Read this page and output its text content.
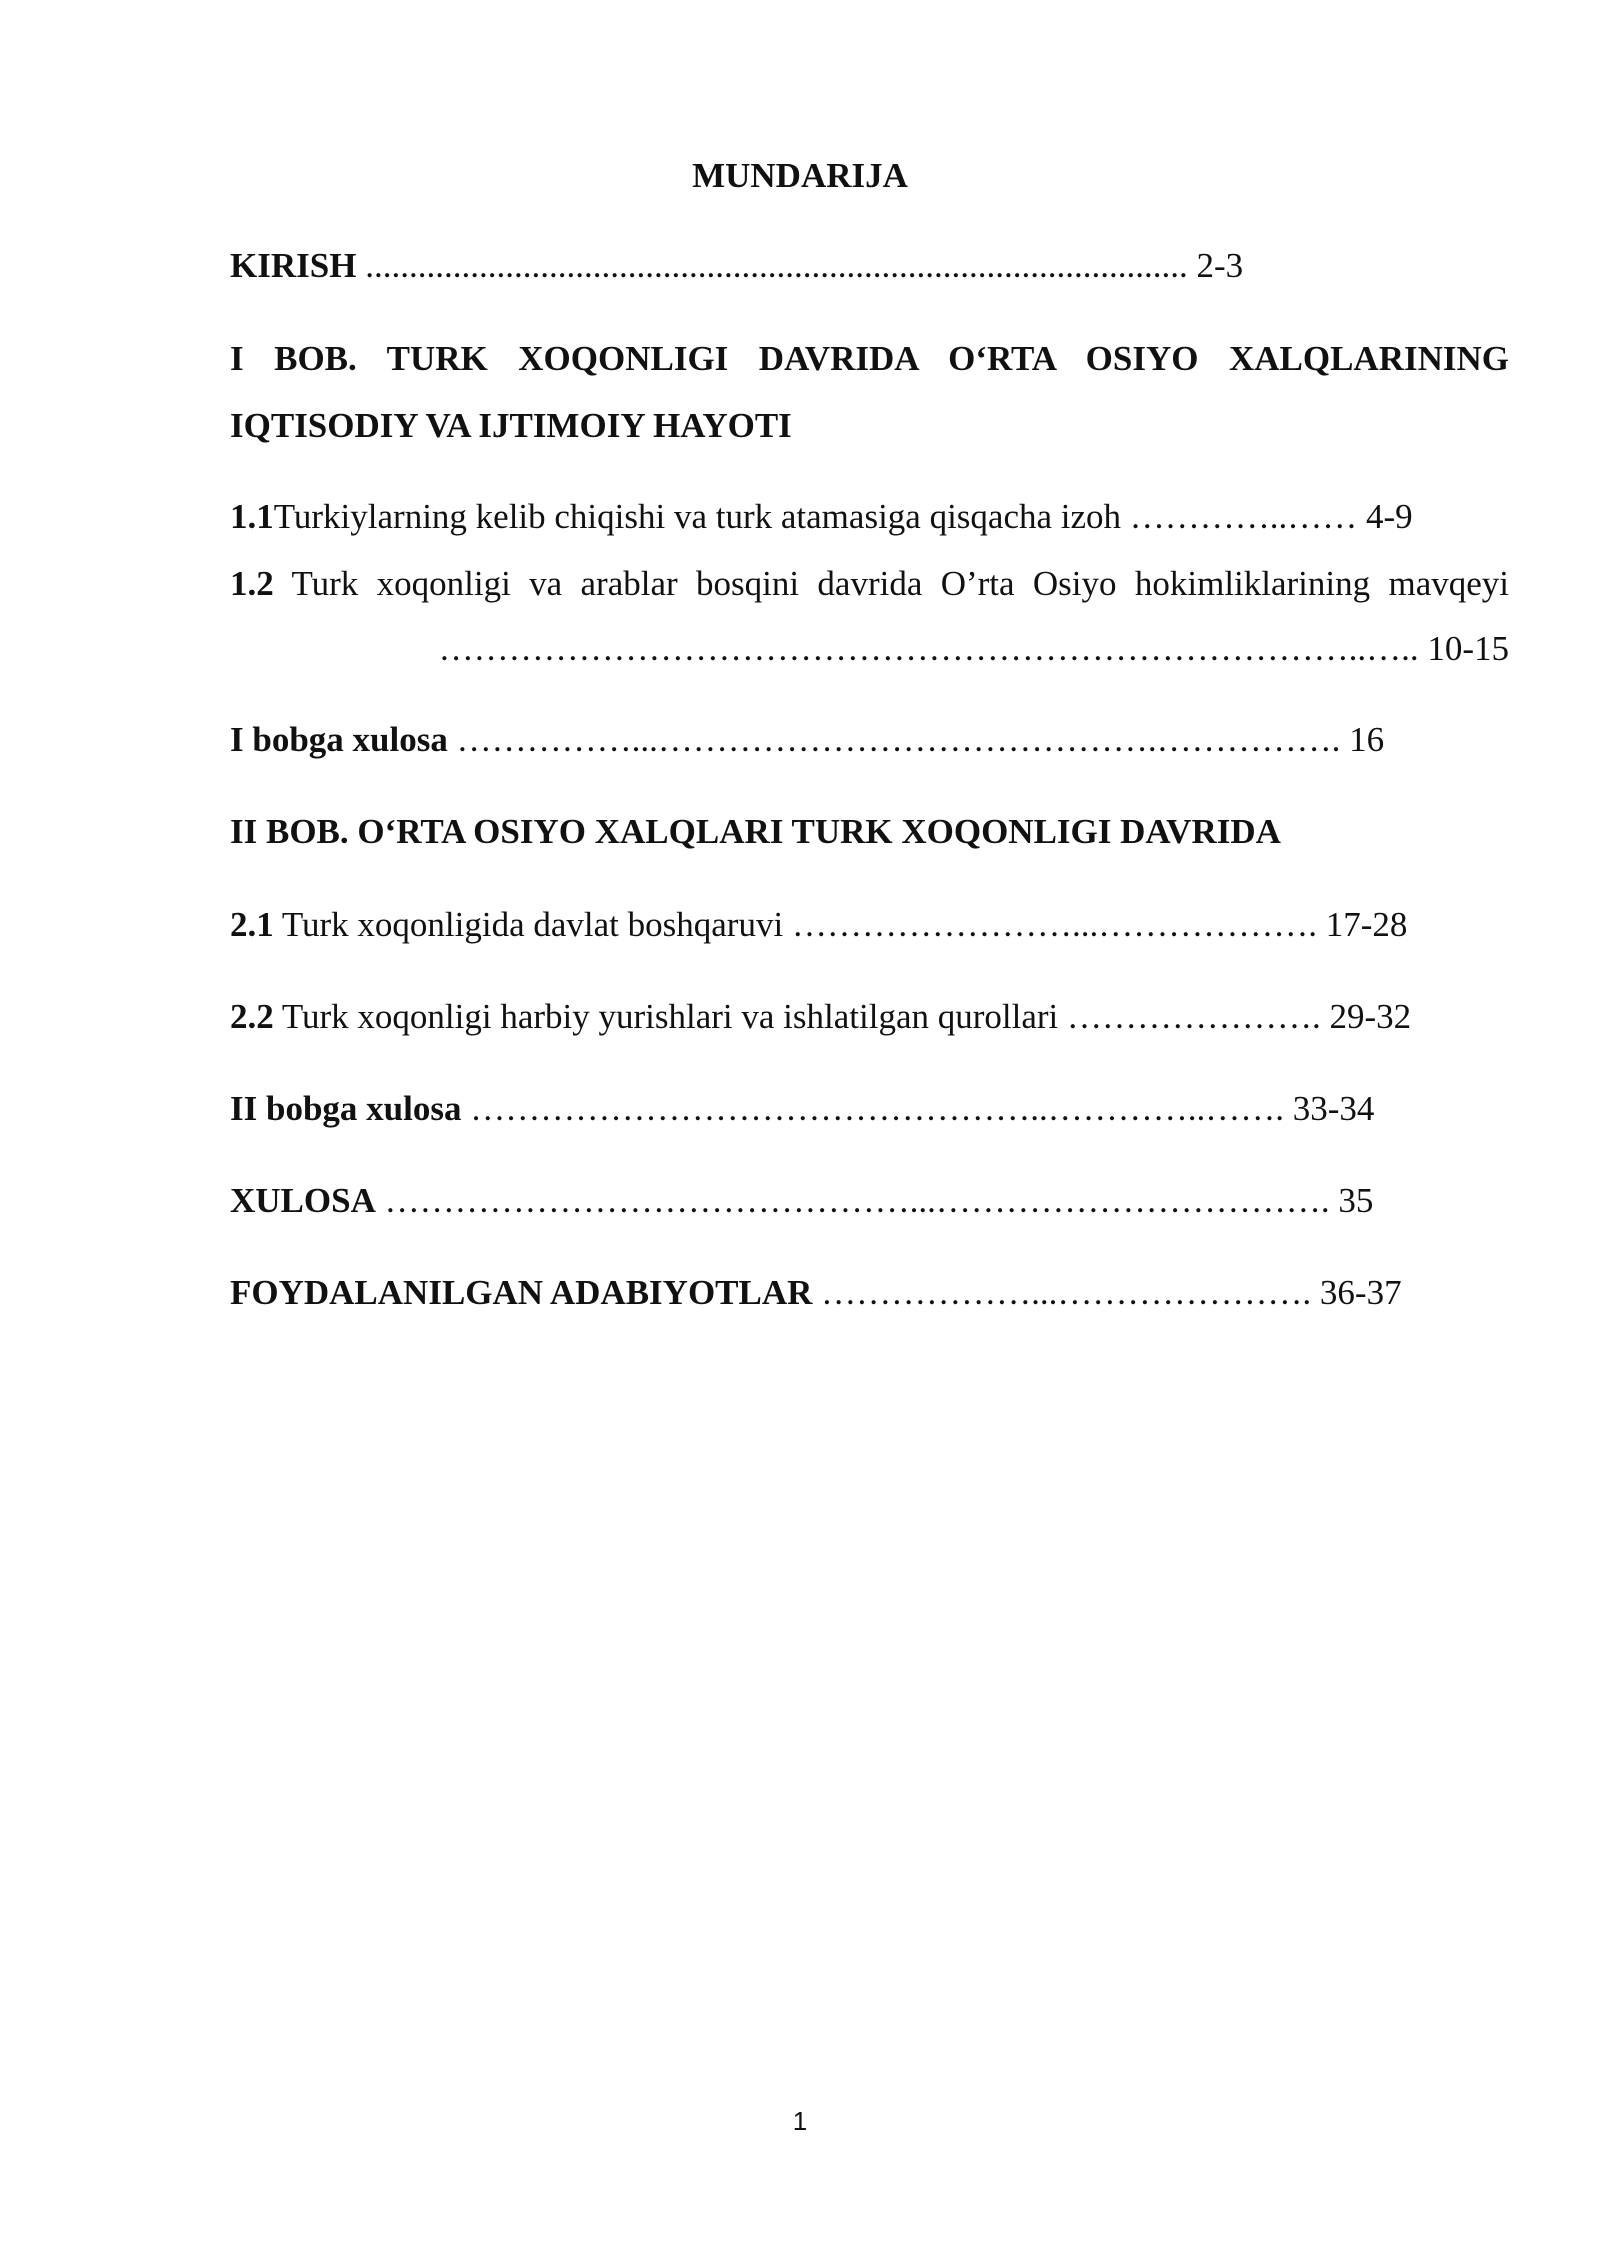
MUNDARIJA
KIRISH .............................................................................................. 2-3
I BOB. TURK XOQONLIGI DAVRIDA O‘RTA OSIYO XALQLARINING
IQTISODIY VA IJTIMOIY HAYOTI
1.1Turkiylarning kelib chiqishi va turk atamasiga qisqacha izoh …………..…… 4-9
1.2 Turk xoqonligi va arablar bosqini davrida O’rta Osiyo hokimliklarining mavqeyi
……………………………………………………………………..….. 10-15
I bobga xulosa ……………...…………………………………….……………. 16
II BOB. O‘RTA OSIYO XALQLARI TURK XOQONLIGI DAVRIDA
2.1 Turk xoqonligida davlat boshqaruvi ……………………...………………. 17-28
2.2 Turk xoqonligi harbiy yurishlari va ishlatilgan qurollari …………………. 29-32
II bobga xulosa …………………………………………..…………..……. 33-34
XULOSA ………………………………………...……………………………. 35
FOYDALANILGAN ADABIYOTLAR ………………...…………………. 36-37
1
